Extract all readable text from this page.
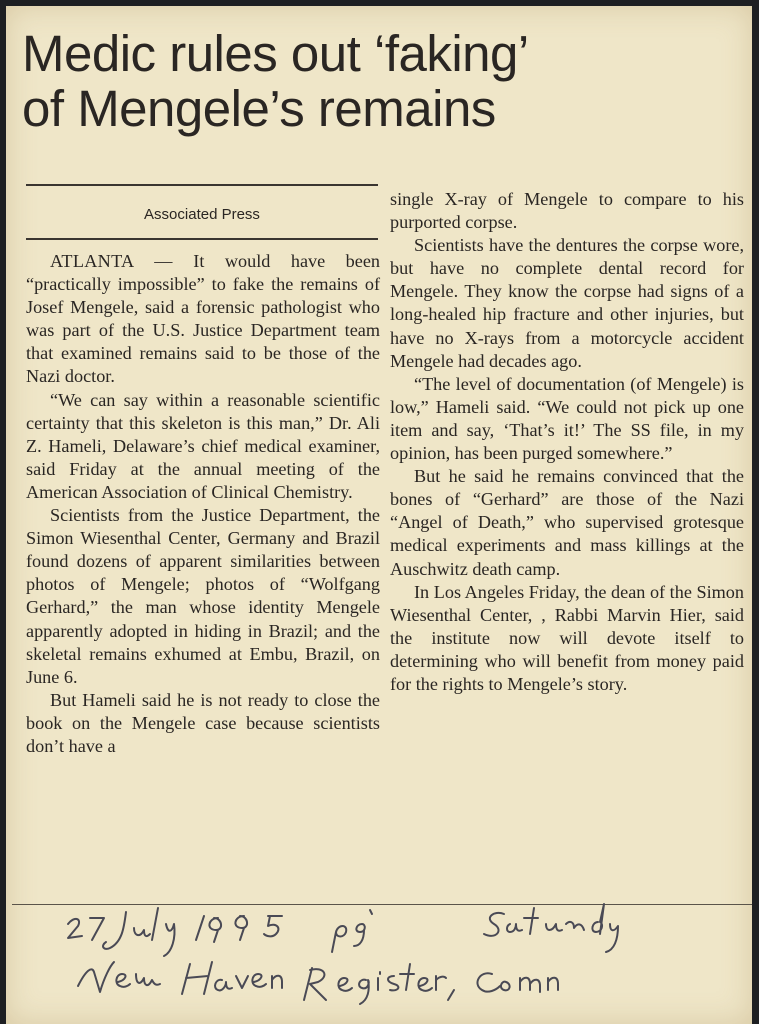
Medic rules out ‘faking’
of Mengele’s remains
Associated Press

ATLANTA — It would have been “practically impossible” to fake the remains of Josef Mengele, said a forensic pathologist who was part of the U.S. Justice Department team that examined remains said to be those of the Nazi doctor.

“We can say within a reasonable scientific certainty that this skeleton is this man,” Dr. Ali Z. Hameli, Delaware’s chief medical examiner, said Friday at the annual meeting of the American Association of Clinical Chemistry.

Scientists from the Justice Department, the Simon Wiesenthal Center, Germany and Brazil found dozens of apparent similarities between photos of Mengele; photos of “Wolfgang Gerhard,” the man whose identity Mengele apparently adopted in hiding in Brazil; and the skeletal remains exhumed at Embu, Brazil, on June 6.

But Hameli said he is not ready to close the book on the Mengele case because scientists don’t have a

single X-ray of Mengele to compare to his purported corpse.

Scientists have the dentures the corpse wore, but have no complete dental record for Mengele. They know the corpse had signs of a long-healed hip fracture and other injuries, but have no X-rays from a motorcycle accident Mengele had decades ago.

“The level of documentation (of Mengele) is low,” Hameli said. “We could not pick up one item and say, ‘That’s it!’ The SS file, in my opinion, has been purged somewhere.”

But he said he remains convinced that the bones of “Gerhard” are those of the Nazi “Angel of Death,” who supervised grotesque medical experiments and mass killings at the Auschwitz death camp.

In Los Angeles Friday, the dean of the Simon Wiesenthal Center, , Rabbi Marvin Hier, said the institute now will devote itself to determining who will benefit from money paid for the rights to Mengele’s story.
